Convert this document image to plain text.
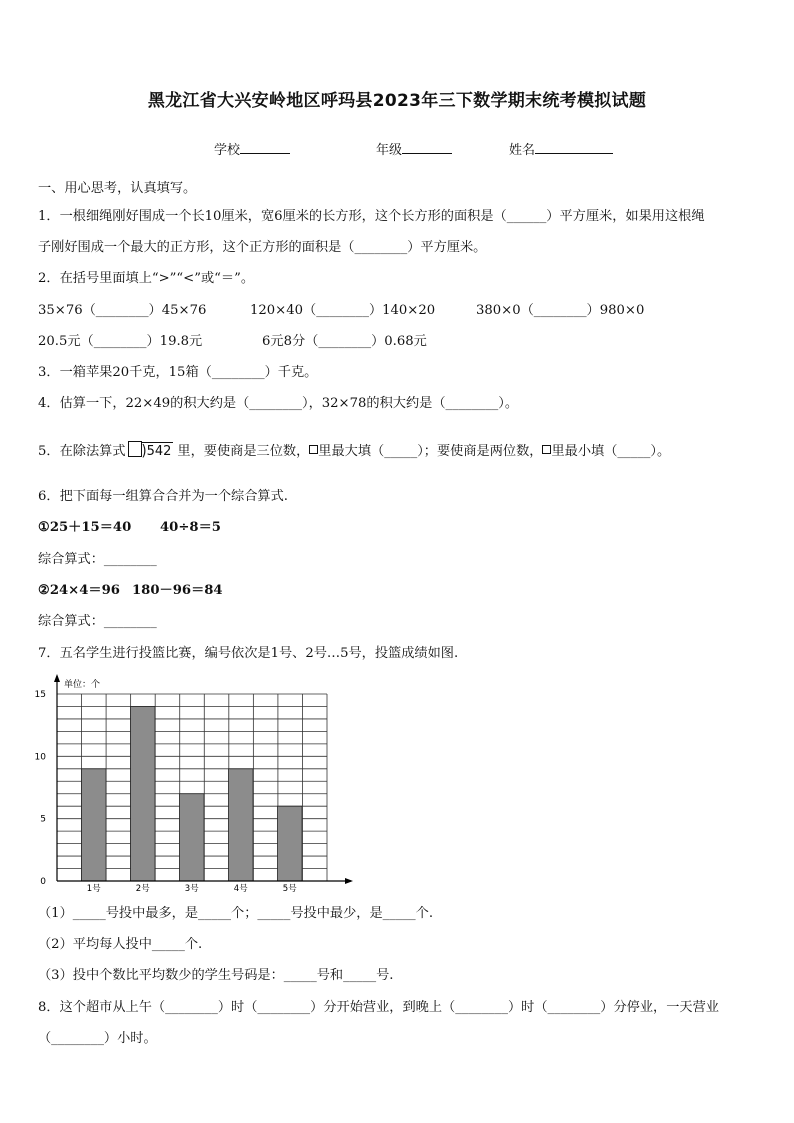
黑龙江省大兴安岭地区呼玛县2023年三下数学期末统考模拟试题
学校	年级	姓名
一、用心思考，认真填写。
1．一根细绳刚好围成一个长10厘米，宽6厘米的长方形，这个长方形的面积是（______）平方厘米，如果用这根绳
子刚好围成一个最大的正方形，这个正方形的面积是（________）平方厘米。
2．在括号里面填上“>”“<”或“＝”。
35×76（________）45×76	120×40（________）140×20	380×0（________）980×0
20.5元（________）19.8元	6元8分（________）0.68元
3．一箱苹果20千克，15箱（________）千克。
4．估算一下，22×49的积大约是（________），32×78的积大约是（________）。
5．在除法算式 )542 里，要使商是三位数， 里最大填（_____）；要使商是两位数， 里最小填（_____）。
6．把下面每一组算合合并为一个综合算式.
①25＋15＝40 40÷8＝5
综合算式：________
②24×4＝96 180－96＝84
综合算式：________
7．五名学生进行投篮比赛，编号依次是1号、2号…5号，投篮成绩如图.
单位：个
0
5
10
15
1号	2号	3号	4号	5号
（1）_____号投中最多，是_____个；_____号投中最少，是_____个.
（2）平均每人投中_____个.
（3）投中个数比平均数少的学生号码是：_____号和_____号.
8．这个超市从上午（________）时（________）分开始营业，到晚上（________）时（________）分停业，一天营业
（________）小时。
